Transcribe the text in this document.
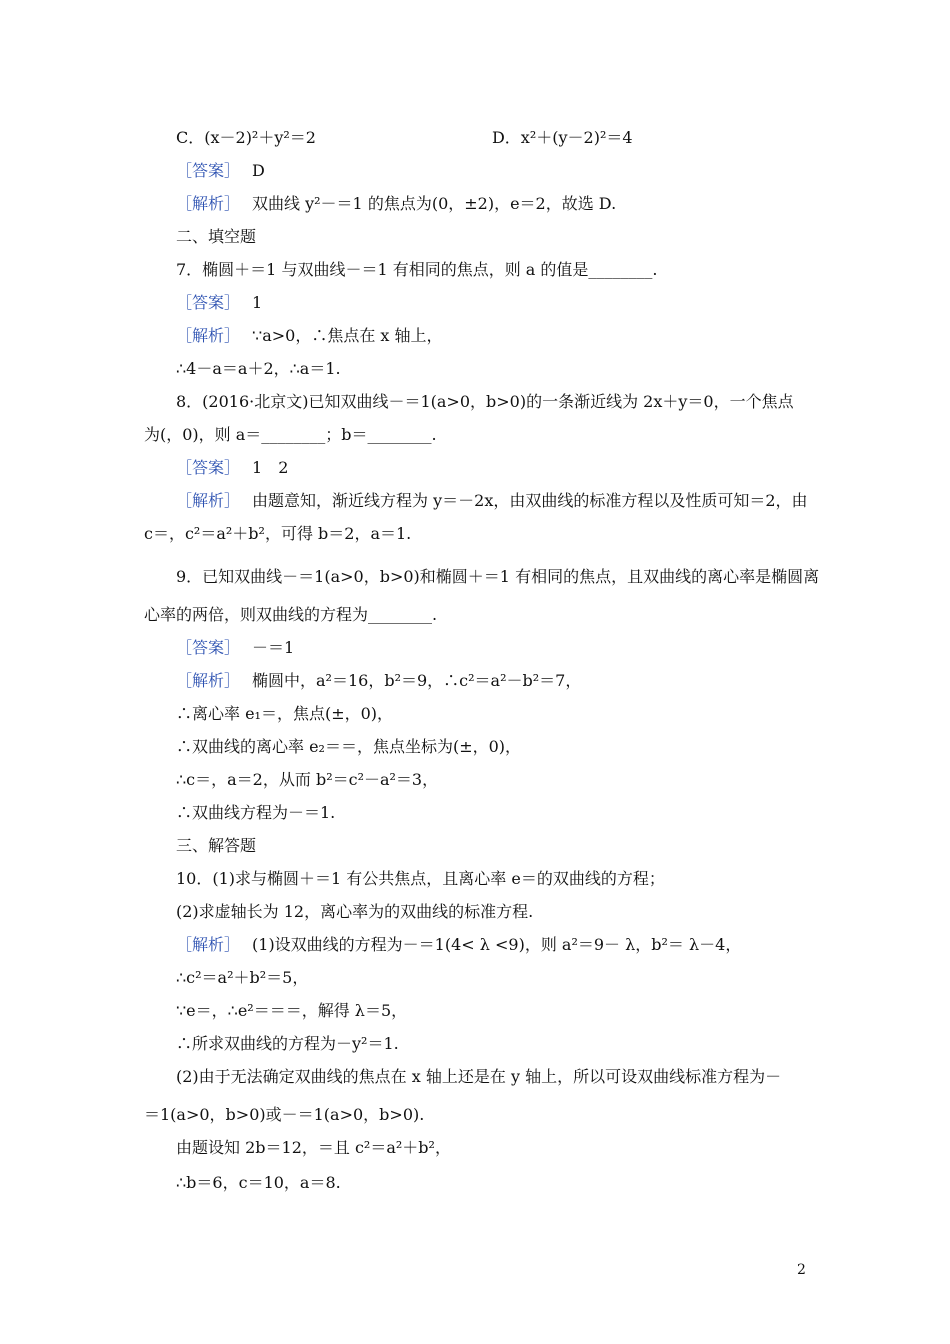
C．(x－2)²＋y²＝2　　　　　　　　　　　D．x²＋(y－2)²＝4
［答案］ D
［解析］ 双曲线 y²－＝1 的焦点为(0，±2)，e＝2，故选 D.
二、填空题
7．椭圆＋＝1 与双曲线－＝1 有相同的焦点，则 a 的值是________.
［答案］ 1
［解析］ ∵a>0，∴焦点在 x 轴上，
∴4－a＝a＋2，∴a＝1.
8．(2016·北京文)已知双曲线－＝1(a>0，b>0)的一条渐近线为 2x＋y＝0，一个焦点
为(，0)，则 a＝________；b＝________.
［答案］ 1　2
［解析］ 由题意知，渐近线方程为 y＝－2x，由双曲线的标准方程以及性质可知＝2，由
c＝，c²＝a²＋b²，可得 b＝2，a＝1.
9．已知双曲线－＝1(a>0，b>0)和椭圆＋＝1 有相同的焦点，且双曲线的离心率是椭圆离
心率的两倍，则双曲线的方程为________.
［答案］ －＝1
［解析］ 椭圆中，a²＝16，b²＝9，∴c²＝a²－b²＝7，
∴离心率 e₁＝，焦点(±，0)，
∴双曲线的离心率 e₂＝＝，焦点坐标为(±，0)，
∴c＝，a＝2，从而 b²＝c²－a²＝3，
∴双曲线方程为－＝1.
三、解答题
10．(1)求与椭圆＋＝1 有公共焦点，且离心率 e＝的双曲线的方程；
(2)求虚轴长为 12，离心率为的双曲线的标准方程.
［解析］ (1)设双曲线的方程为－＝1(4< λ <9)，则 a²＝9－ λ，b²＝ λ－4，
∴c²＝a²＋b²＝5，
∵e＝，∴e²＝＝＝，解得 λ＝5，
∴所求双曲线的方程为－y²＝1.
(2)由于无法确定双曲线的焦点在 x 轴上还是在 y 轴上，所以可设双曲线标准方程为－
＝1(a>0，b>0)或－＝1(a>0，b>0).
由题设知 2b＝12，＝且 c²＝a²＋b²，
∴b＝6，c＝10，a＝8.
2
